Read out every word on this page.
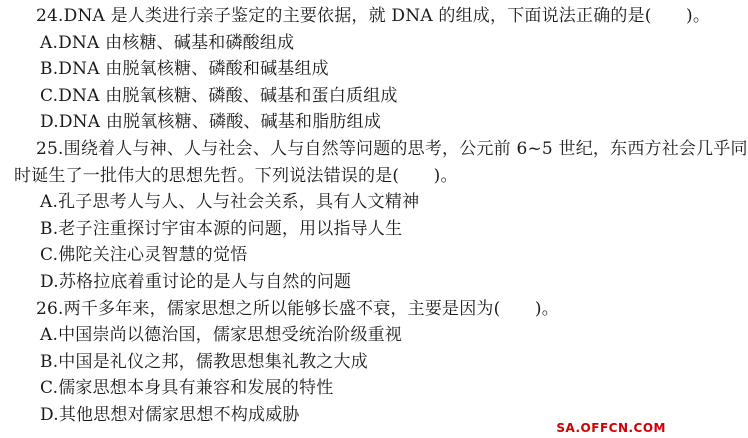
24.DNA 是人类进行亲子鉴定的主要依据，就 DNA 的组成，下面说法正确的是(　　)。
A.DNA 由核糖、碱基和磷酸组成
B.DNA 由脱氧核糖、磷酸和碱基组成
C.DNA 由脱氧核糖、磷酸、碱基和蛋白质组成
D.DNA 由脱氧核糖、磷酸、碱基和脂肪组成
25.围绕着人与神、人与社会、人与自然等问题的思考，公元前 6~5 世纪，东西方社会几乎同
时诞生了一批伟大的思想先哲。下列说法错误的是(　　)。
A.孔子思考人与人、人与社会关系，具有人文精神
B.老子注重探讨宇宙本源的问题，用以指导人生
C.佛陀关注心灵智慧的觉悟
D.苏格拉底着重讨论的是人与自然的问题
26.两千多年来，儒家思想之所以能够长盛不衰，主要是因为(　　)。
A.中国崇尚以德治国，儒家思想受统治阶级重视
B.中国是礼仪之邦，儒教思想集礼教之大成
C.儒家思想本身具有兼容和发展的特性
D.其他思想对儒家思想不构成威胁
SA.OFFCN.COM
